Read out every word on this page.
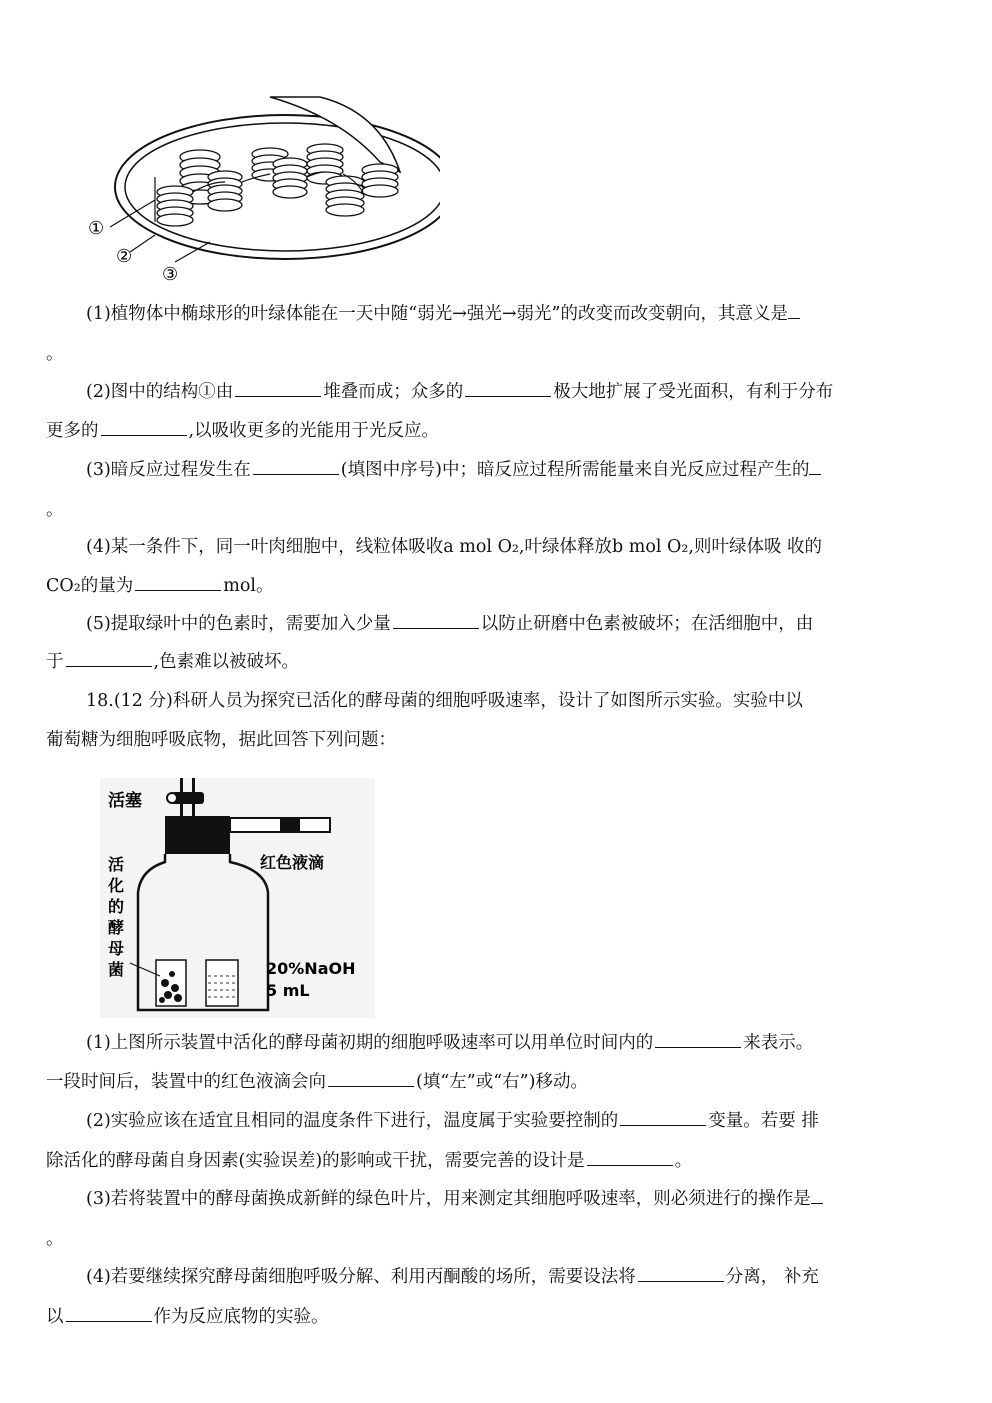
①
②
③
(1)植物体中椭球形的叶绿体能在一天中随“弱光→强光→弱光”的改变而改变朝向，其意义是
。
(2)图中的结构①由	堆叠而成；众多的	极大地扩展了受光面积，有利于分布
更多的	,以吸收更多的光能用于光反应。
(3)暗反应过程发生在	(填图中序号)中；暗反应过程所需能量来自光反应过程产生的
。
(4)某一条件下，同一叶肉细胞中，线粒体吸收a mol O₂,叶绿体释放b mol O₂,则叶绿体吸 收的
CO₂的量为	mol。
(5)提取绿叶中的色素时，需要加入少量	以防止研磨中色素被破坏；在活细胞中，由
于	,色素难以被破坏。
18.(12 分)科研人员为探究已活化的酵母菌的细胞呼吸速率，设计了如图所示实验。实验中以
葡萄糖为细胞呼吸底物，据此回答下列问题：
活塞
红色液滴
活
化
的
酵
母
菌	20%NaOH
5 mL
(1)上图所示装置中活化的酵母菌初期的细胞呼吸速率可以用单位时间内的	来表示。
一段时间后，装置中的红色液滴会向	(填“左”或“右”)移动。
(2)实验应该在适宜且相同的温度条件下进行，温度属于实验要控制的	变量。若要 排
除活化的酵母菌自身因素(实验误差)的影响或干扰，需要完善的设计是	。
(3)若将装置中的酵母菌换成新鲜的绿色叶片，用来测定其细胞呼吸速率，则必须进行的操作是
。
(4)若要继续探究酵母菌细胞呼吸分解、利用丙酮酸的场所，需要设法将	分离， 补充
以	作为反应底物的实验。
